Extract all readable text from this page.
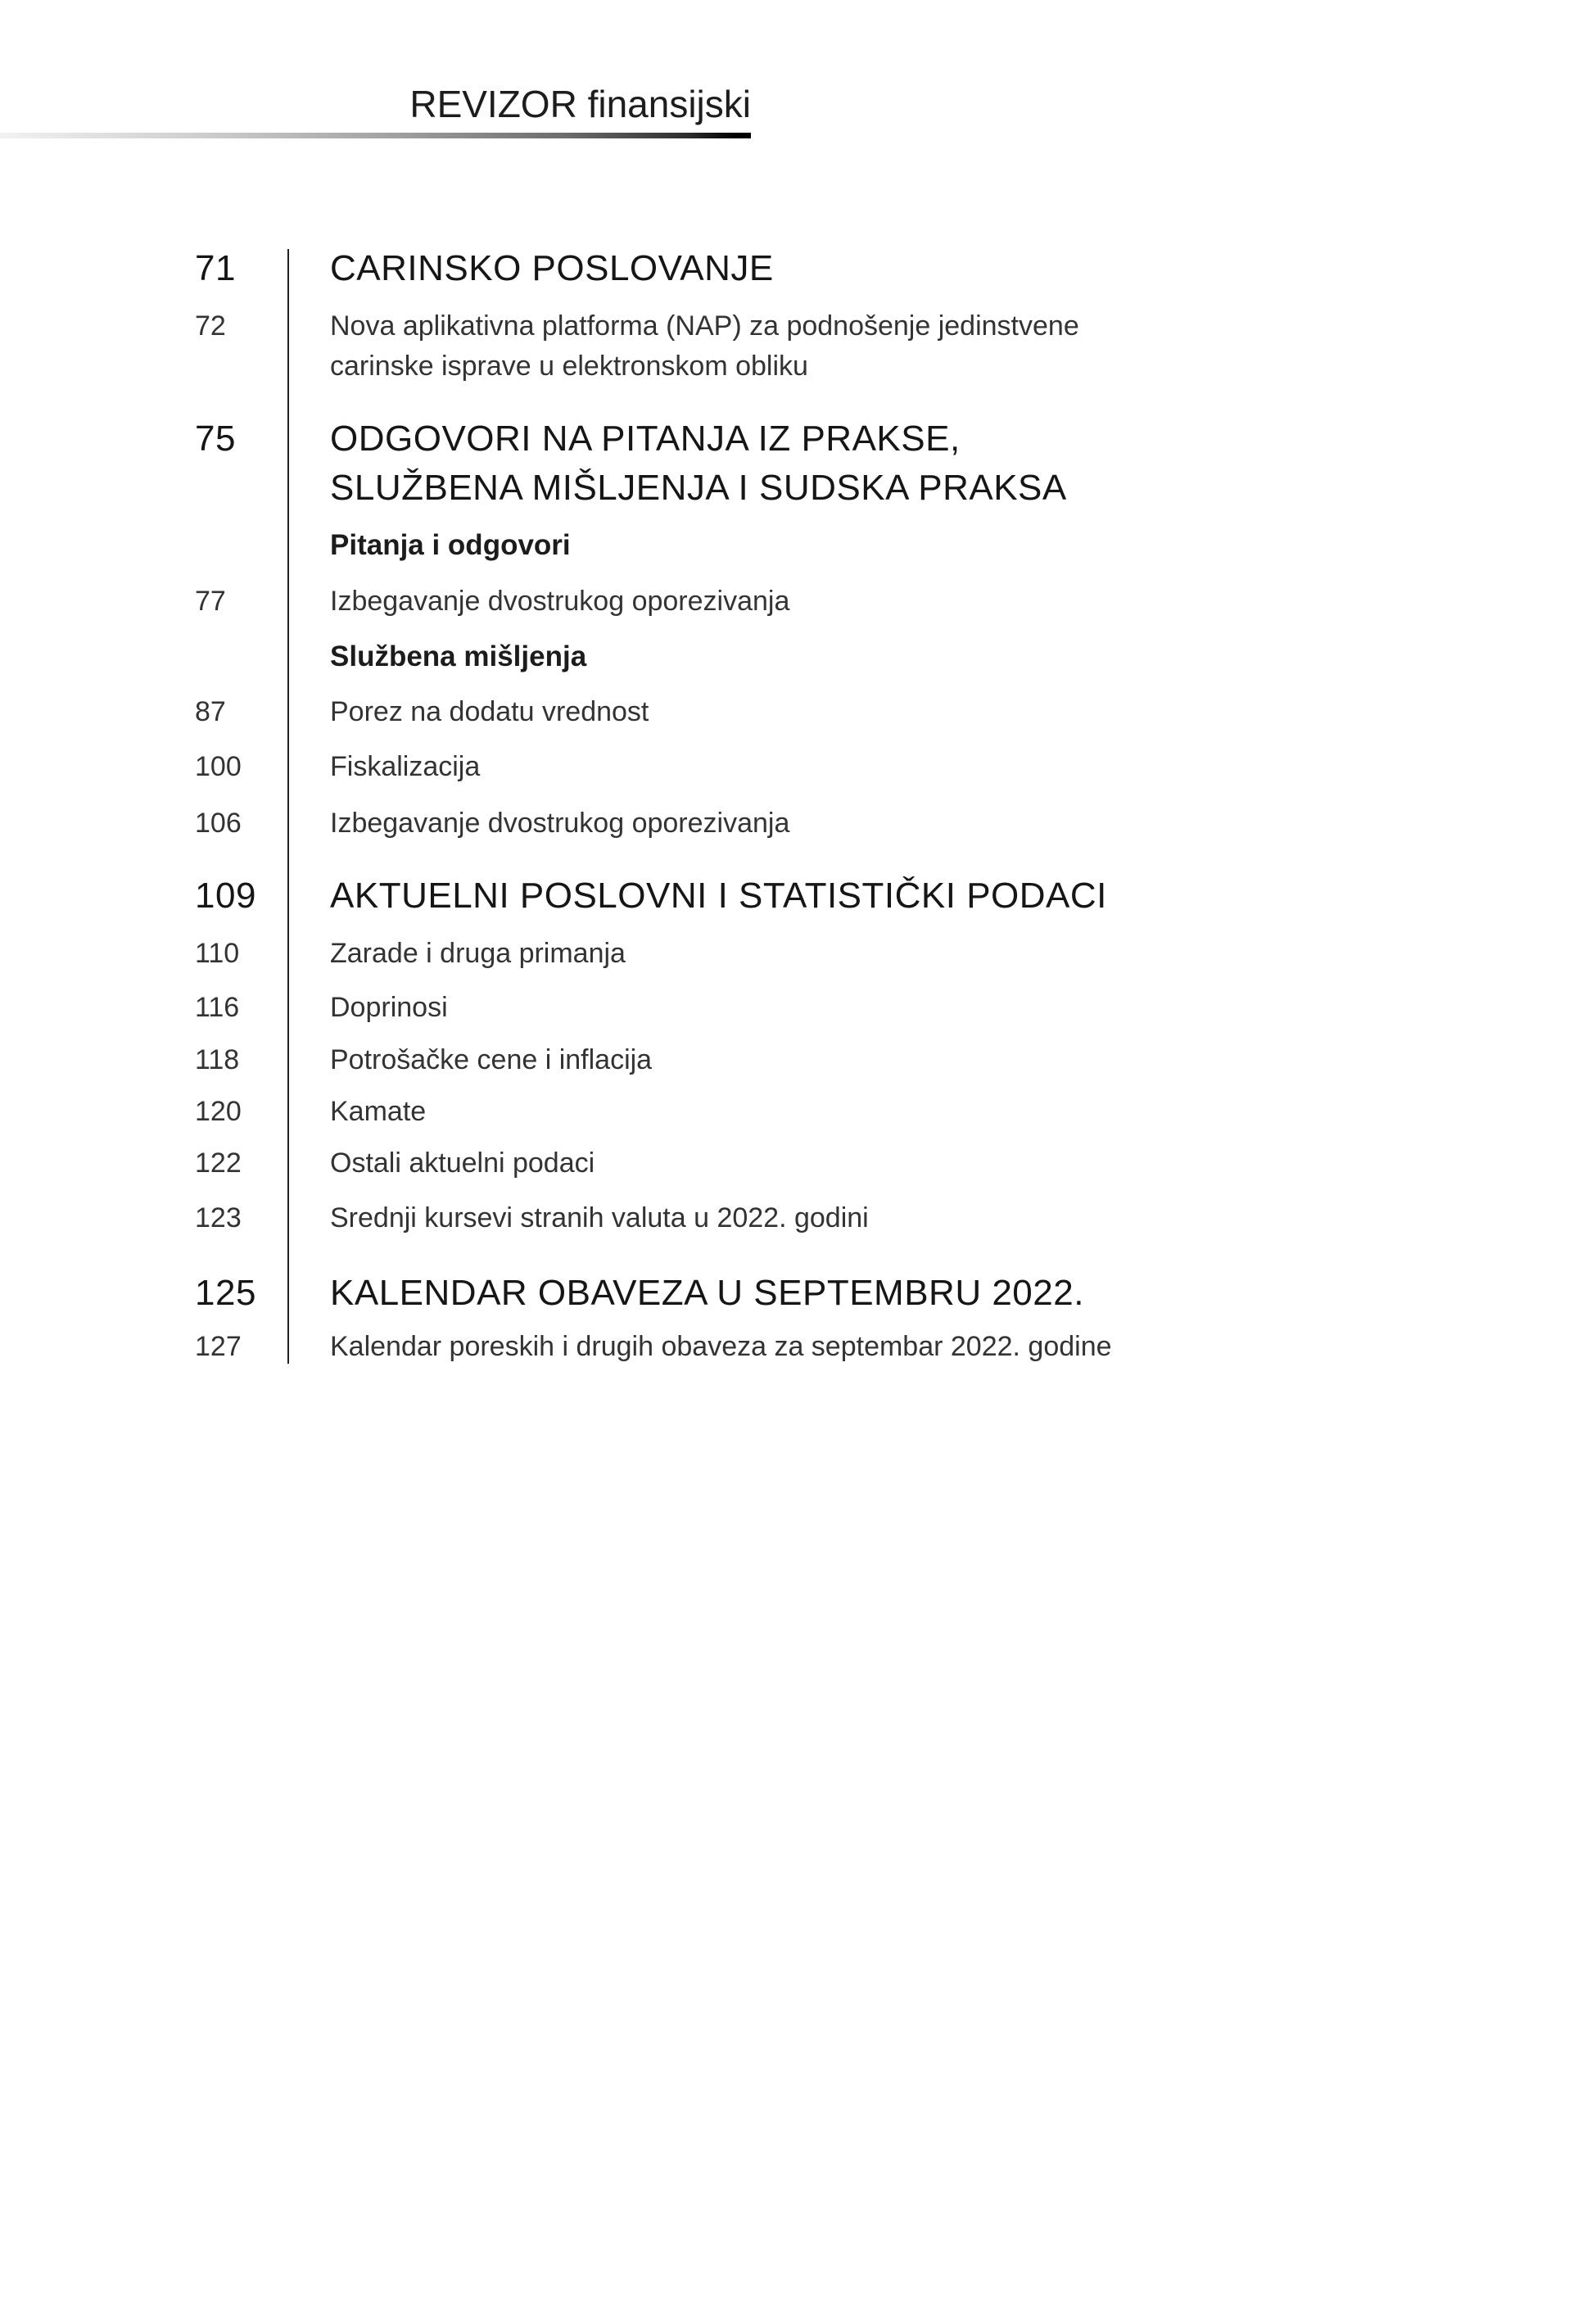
REVIZOR finansijski
71	CARINSKO POSLOVANJE
72	Nova aplikativna platforma (NAP) za podnošenje jedinstvene
carinske isprave u elektronskom obliku
75	ODGOVORI NA PITANJA IZ PRAKSE,
SLUŽBENA MIŠLJENJA I SUDSKA PRAKSA
Pitanja i odgovori
77	Izbegavanje dvostrukog oporezivanja
Službena mišljenja
87	Porez na dodatu vrednost
100	Fiskalizacija
106	Izbegavanje dvostrukog oporezivanja
109 AKTUELNI POSLOVNI I STATISTIČKI PODACI
110	Zarade i druga primanja
116	Doprinosi
118	Potrošačke cene i inflacija
120	Kamate
122	Ostali aktuelni podaci
123	Srednji kursevi stranih valuta u 2022. godini
125 KALENDAR OBAVEZA U SEPTEMBRU 2022.
127	Kalendar poreskih i drugih obaveza za septembar 2022. godine
